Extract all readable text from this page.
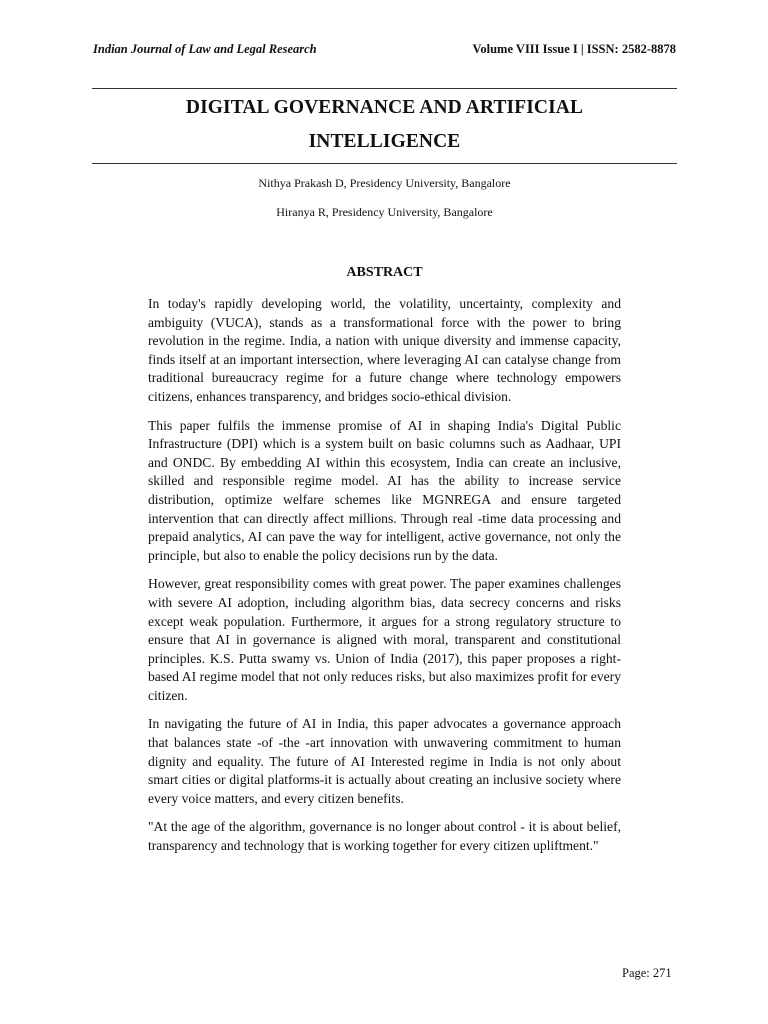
Indian Journal of Law and Legal Research	Volume VIII Issue I | ISSN: 2582-8878
DIGITAL GOVERNANCE AND ARTIFICIAL
INTELLIGENCE
Nithya Prakash D, Presidency University, Bangalore
Hiranya R, Presidency University, Bangalore
ABSTRACT

In today's rapidly developing world, the volatility, uncertainty, complexity and ambiguity (VUCA), stands as a transformational force with the power to bring revolution in the regime. India, a nation with unique diversity and immense capacity, finds itself at an important intersection, where leveraging AI can catalyse change from traditional bureaucracy regime for a future change where technology empowers citizens, enhances transparency, and bridges socio-ethical division.

This paper fulfils the immense promise of AI in shaping India's Digital Public Infrastructure (DPI) which is a system built on basic columns such as Aadhaar, UPI and ONDC. By embedding AI within this ecosystem, India can create an inclusive, skilled and responsible regime model. AI has the ability to increase service distribution, optimize welfare schemes like MGNREGA and ensure targeted intervention that can directly affect millions. Through real -time data processing and prepaid analytics, AI can pave the way for intelligent, active governance, not only the principle, but also to enable the policy decisions run by the data.

However, great responsibility comes with great power. The paper examines challenges with severe AI adoption, including algorithm bias, data secrecy concerns and risks except weak population. Furthermore, it argues for a strong regulatory structure to ensure that AI in governance is aligned with moral, transparent and constitutional principles. K.S. Putta swamy vs. Union of India (2017), this paper proposes a right-based AI regime model that not only reduces risks, but also maximizes profit for every citizen.

In navigating the future of AI in India, this paper advocates a governance approach that balances state -of -the -art innovation with unwavering commitment to human dignity and equality. The future of AI Interested regime in India is not only about smart cities or digital platforms-it is actually about creating an inclusive society where every voice matters, and every citizen benefits.

"At the age of the algorithm, governance is no longer about control - it is about belief, transparency and technology that is working together for every citizen upliftment."

Page: 271
